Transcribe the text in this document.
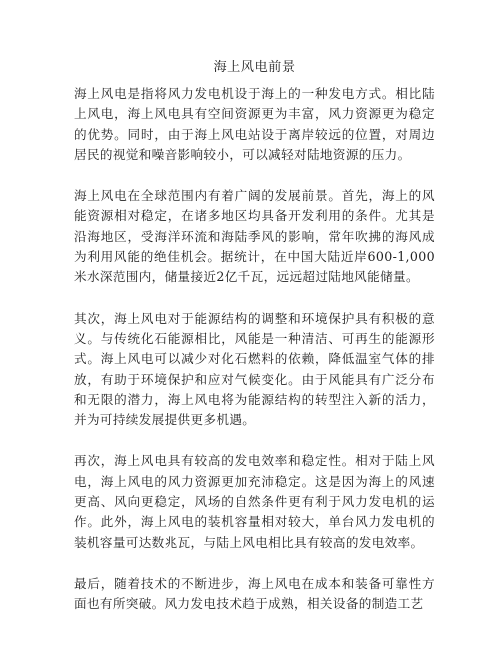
海上风电前景

海上风电是指将风力发电机设于海上的一种发电方式。相比陆上风电，海上风电具有空间资源更为丰富，风力资源更为稳定的优势。同时，由于海上风电站设于离岸较远的位置，对周边居民的视觉和噪音影响较小，可以减轻对陆地资源的压力。

海上风电在全球范围内有着广阔的发展前景。首先，海上的风能资源相对稳定，在诸多地区均具备开发利用的条件。尤其是沿海地区，受海洋环流和海陆季风的影响，常年吹拂的海风成为利用风能的绝佳机会。据统计，在中国大陆近岸600-1,000米水深范围内，储量接近2亿千瓦，远远超过陆地风能储量。

其次，海上风电对于能源结构的调整和环境保护具有积极的意义。与传统化石能源相比，风能是一种清洁、可再生的能源形式。海上风电可以减少对化石燃料的依赖，降低温室气体的排放，有助于环境保护和应对气候变化。由于风能具有广泛分布和无限的潜力，海上风电将为能源结构的转型注入新的活力，并为可持续发展提供更多机遇。

再次，海上风电具有较高的发电效率和稳定性。相对于陆上风电，海上风电的风力资源更加充沛稳定。这是因为海上的风速更高、风向更稳定，风场的自然条件更有利于风力发电机的运作。此外，海上风电的装机容量相对较大，单台风力发电机的装机容量可达数兆瓦，与陆上风电相比具有较高的发电效率。

最后，随着技术的不断进步，海上风电在成本和装备可靠性方面也有所突破。风力发电技术趋于成熟，相关设备的制造工艺
